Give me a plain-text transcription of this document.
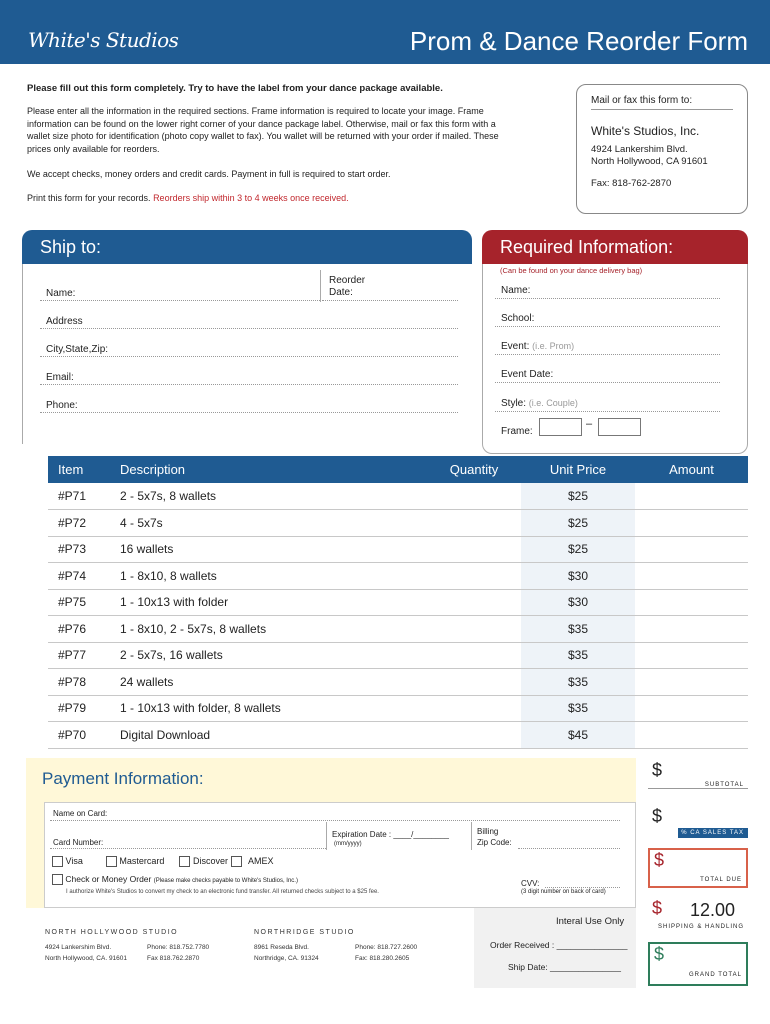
White's Studios	Prom & Dance Reorder Form
Please fill out this form completely. Try to have the label from your dance package available.
Please enter all the information in the required sections. Frame information is required to locate your image. Frame information can be found on the lower right corner of your dance package label. Otherwise, mail or fax this form with a wallet size photo for identification (photo copy wallet to fax). You wallet will be returned with your order if mailed. These prices only available for reorders.
We accept checks, money orders and credit cards. Payment in full is required to start order.
Print this form for your records. Reorders ship within 3 to 4 weeks once received.
Mail or fax this form to:
White's Studios, Inc.
4924 Lankershim Blvd.
North Hollywood, CA 91601
Fax: 818-762-2870
Ship to:
Name:
Reorder
Date:
Address
City,State,Zip:
Email:
Phone:
Required Information:
(Can be found on your dance delivery bag)
Name:
School:
Event: (i.e. Prom)
Event Date:
Style: (i.e. Couple)
Frame:
–
Item	Description	Quantity	Unit Price	Amount
#P71	2 - 5x7s, 8 wallets		$25	
#P72	4 - 5x7s		$25	
#P73	16 wallets		$25	
#P74	1 - 8x10, 8 wallets		$30	
#P75	1 - 10x13 with folder		$30	
#P76	1 - 8x10, 2 - 5x7s, 8 wallets		$35	
#P77	2 - 5x7s, 16 wallets		$35	
#P78	24 wallets		$35	
#P79	1 - 10x13 with folder, 8 wallets		$35	
#P70	Digital Download		$45	
Payment Information:
Name on Card:
Card Number:
Expiration Date : ____/________
(mm/yyyy)
Billing
Zip Code:
Visa	Mastercard	Discover AMEX
Check or Money Order (Please make checks payable to White's Studios, Inc.)
I authorize White's Studios to convert my check to an electronic fund transfer. All returned checks subject to a $25 fee.
CVV:
(3 digit number on back of card)
NORTH HOLLYWOOD STUDIO
4924 Lankershim Blvd.
North Hollywood, CA. 91601
Phone: 818.752.7780
Fax 818.762.2870
NORTHRIDGE STUDIO
8961 Reseda Blvd.
Northridge, CA. 91324
Phone: 818.727.2600
Fax: 818.280.2605
Interal Use Only
Order Received : _______________
Ship Date: _______________
$
SUBTOTAL
$
9.5 % CA SALES TAX
$
TOTAL DUE
$ 12.00
SHIPPING & HANDLING
$
GRAND TOTAL
